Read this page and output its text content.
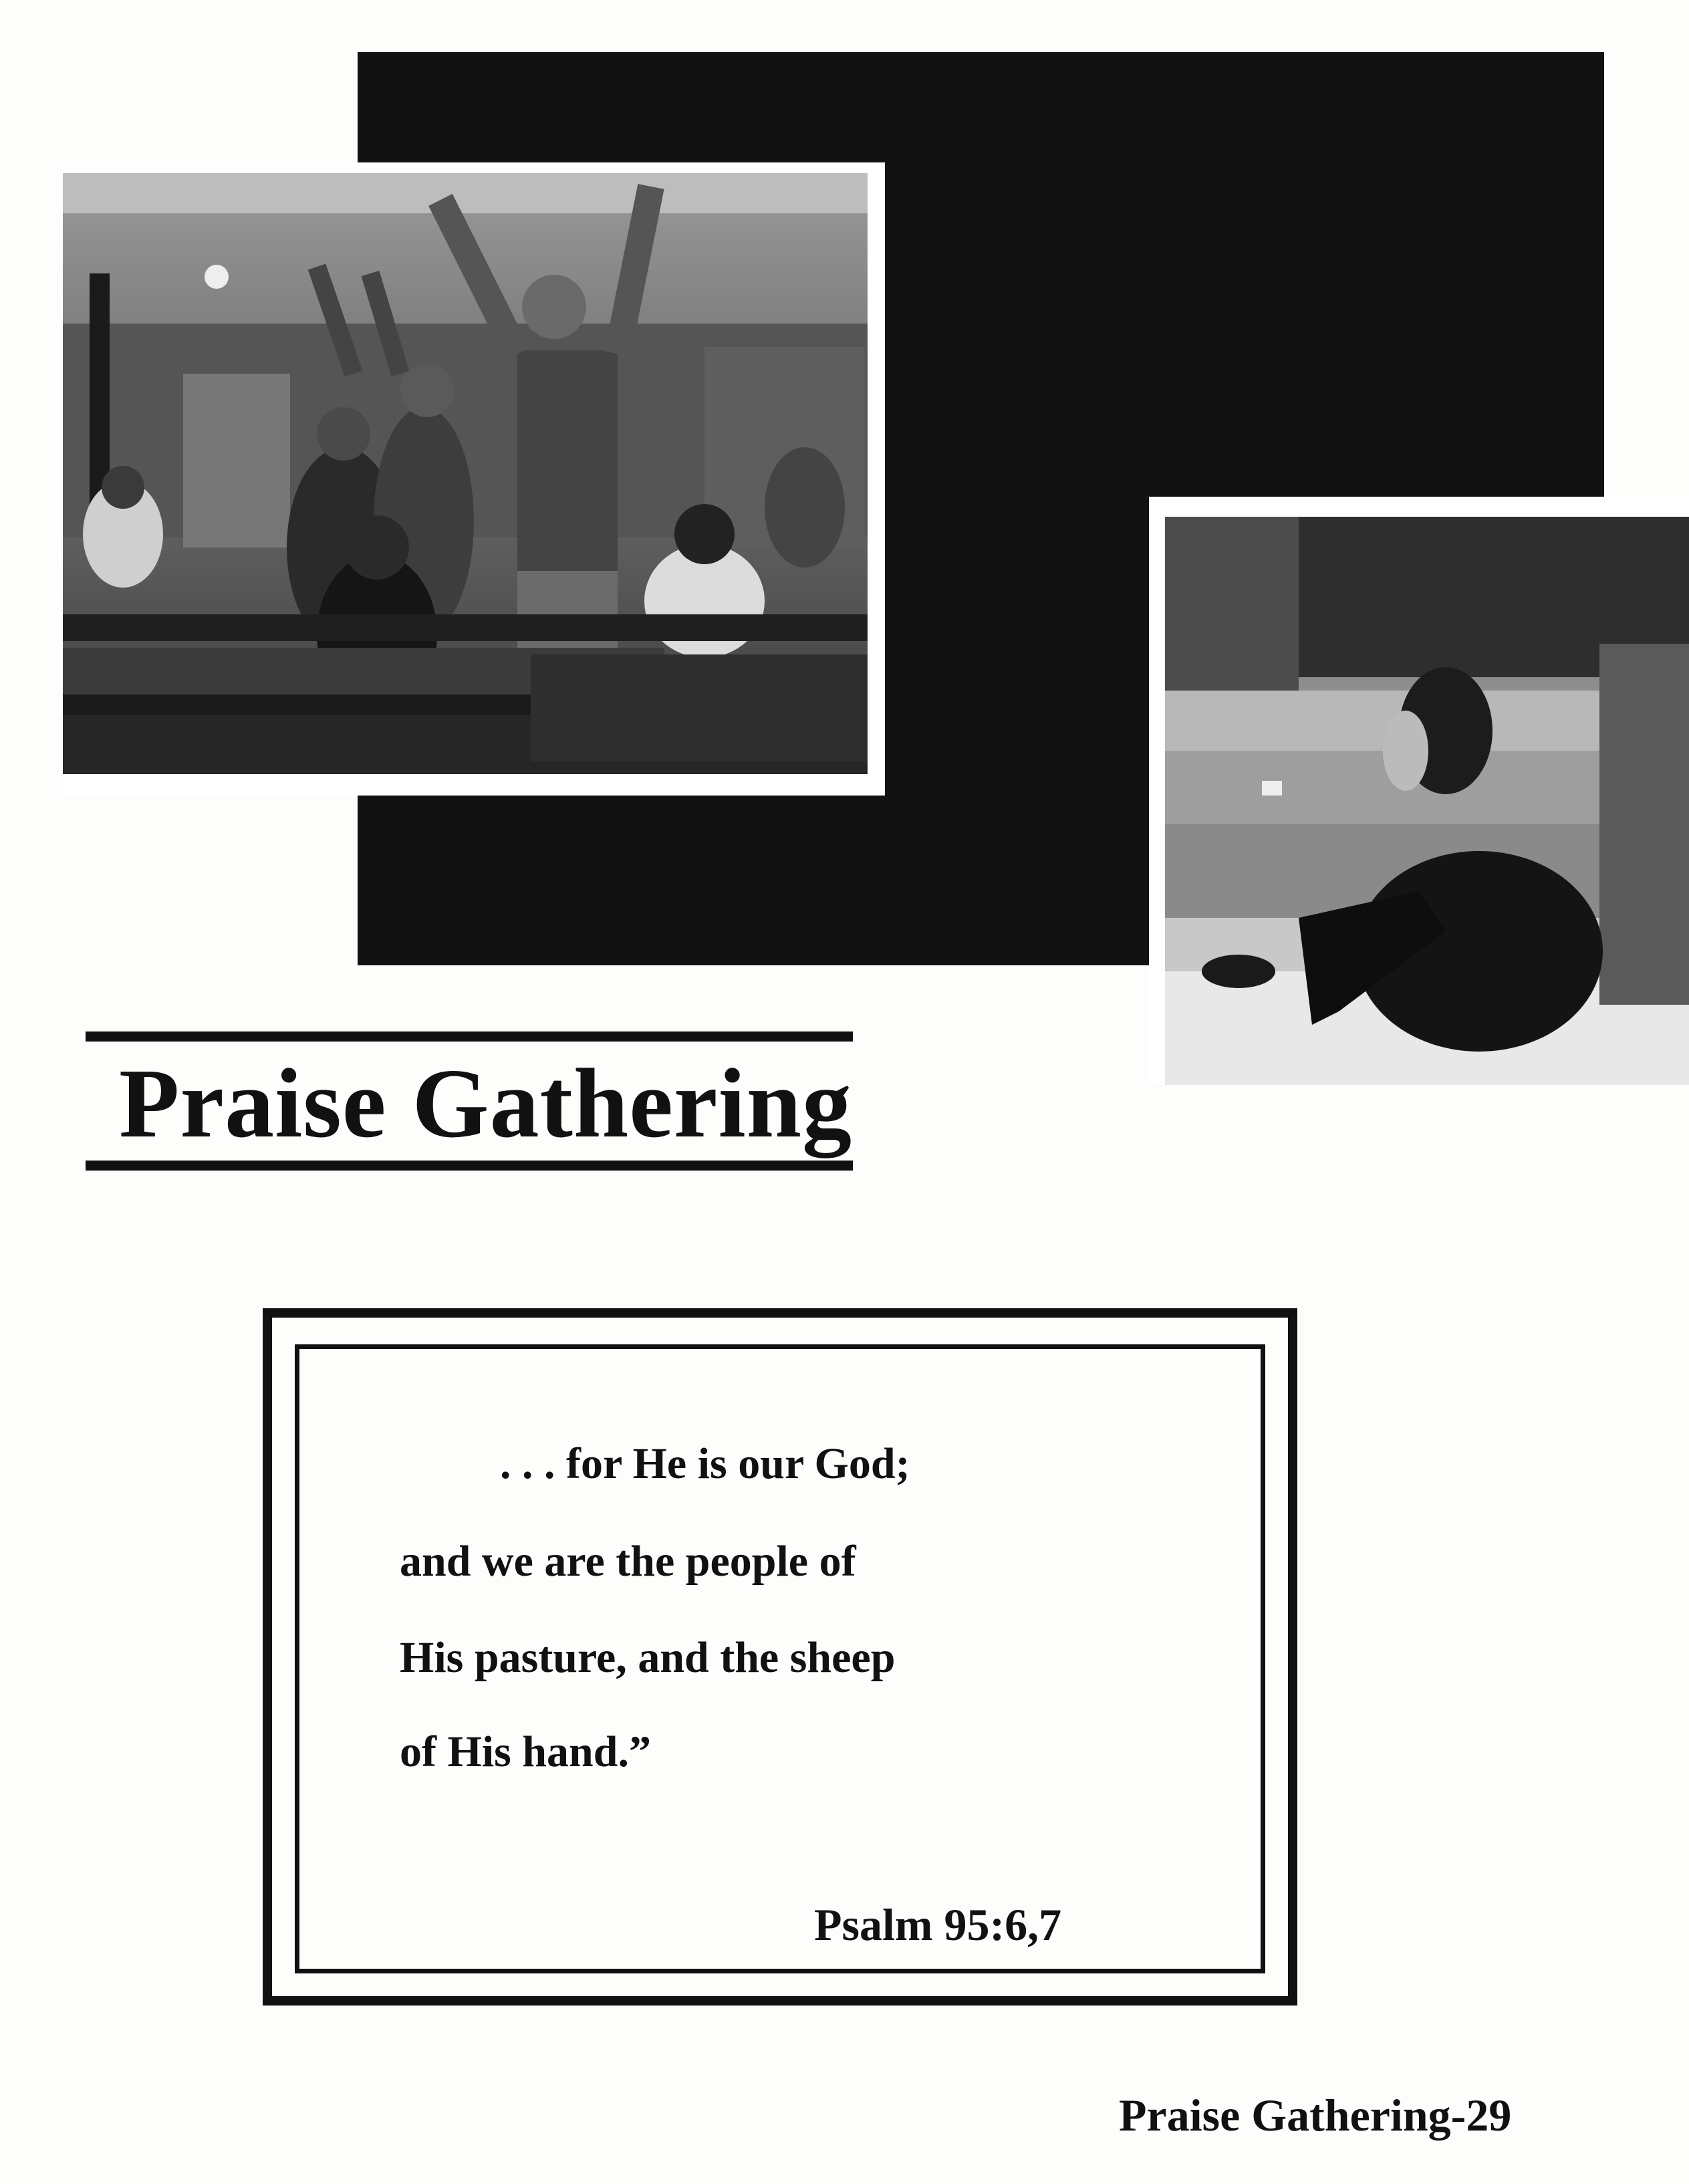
Praise Gathering
. . . for He is our God;
and we are the people of
His pasture, and the sheep
of His hand.”
Psalm 95:6,7
Praise Gathering-29
